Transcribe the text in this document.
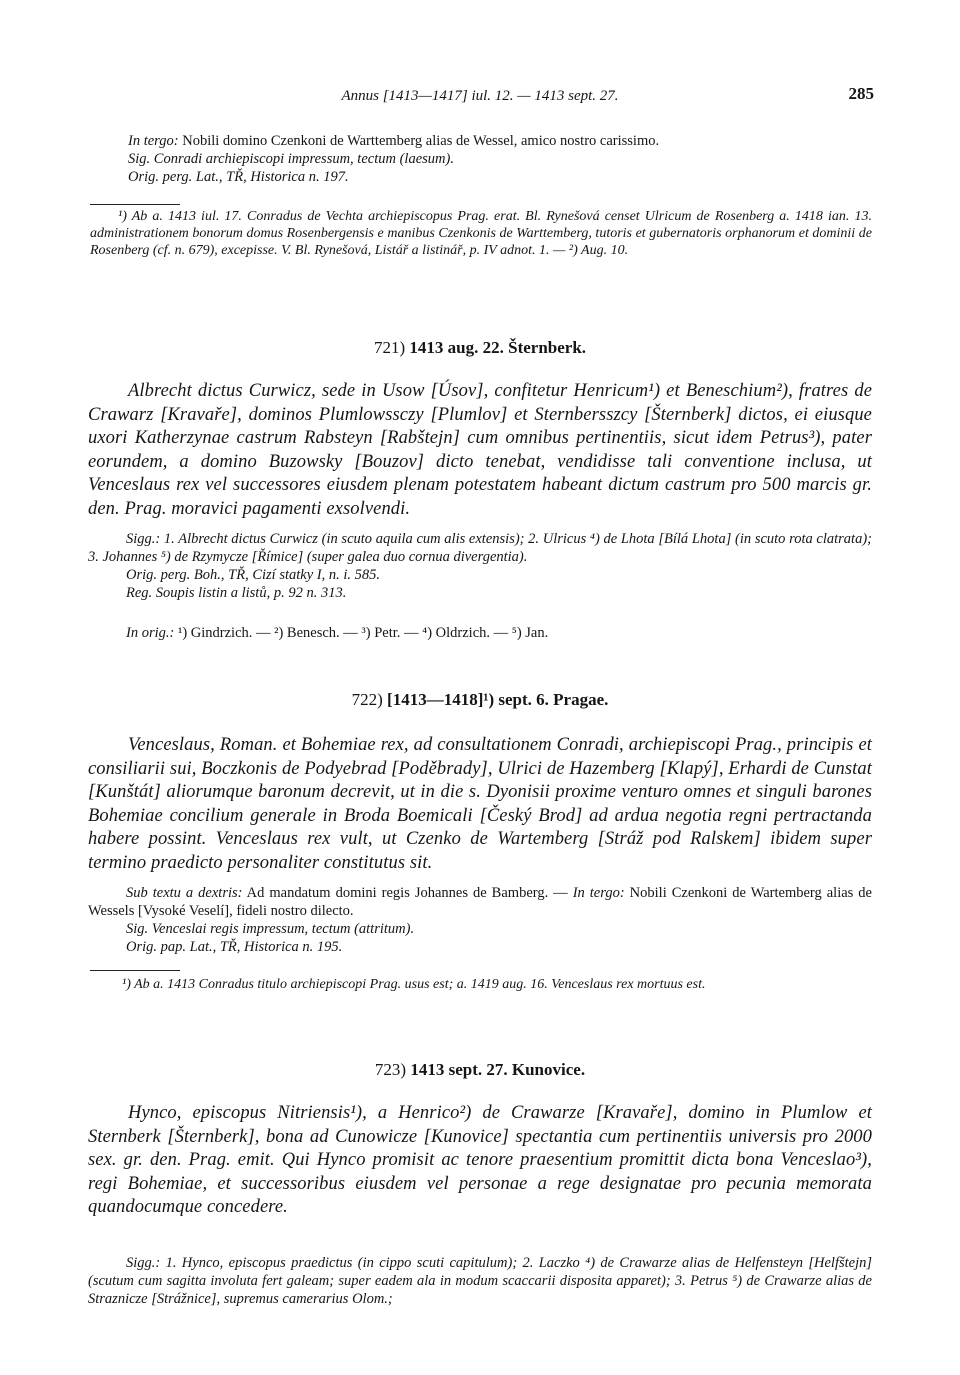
Annus [1413—1417] iul. 12. — 1413 sept. 27.	285

In tergo: Nobili domino Czenkoni de Warttemberg alias de Wessel, amico nostro carissimo.

Sig. Conradi archiepiscopi impressum, tectum (laesum).

Orig. perg. Lat., TŘ, Historica n. 197.

¹) Ab a. 1413 iul. 17. Conradus de Vechta archiepiscopus Prag. erat. Bl. Rynešová censet Ulricum de Rosenberg a. 1418 ian. 13. administrationem bonorum domus Rosenbergensis e manibus Czenkonis de Warttemberg, tutoris et gubernatoris orphanorum et dominii de Rosenberg (cf. n. 679), excepisse. V. Bl. Rynešová, Listář a listinář, p. IV adnot. 1. — ²) Aug. 10.
721) 1413 aug. 22. Šternberk.
Albrecht dictus Curwicz, sede in Usow [Úsov], confitetur Henricum¹) et Beneschium²), fratres de Crawarz [Kravaře], dominos Plumlowssczy [Plumlov] et Sternbersszcy [Šternberk] dictos, ei eiusque uxori Katherzynae castrum Rabsteyn [Rabštejn] cum omnibus pertinentiis, sicut idem Petrus³), pater eorundem, a domino Buzowsky [Bouzov] dicto tenebat, vendidisse tali conventione inclusa, ut Venceslaus rex vel successores eiusdem plenam potestatem habeant dictum castrum pro 500 marcis gr. den. Prag. moravici pagamenti exsolvendi.

Sigg.: 1. Albrecht dictus Curwicz (in scuto aquila cum alis extensis); 2. Ulricus ⁴) de Lhota [Bílá Lhota] (in scuto rota clatrata); 3. Johannes ⁵) de Rzymycze [Římice] (super galea duo cornua divergentia).

Orig. perg. Boh., TŘ, Cizí statky I, n. i. 585.

Reg. Soupis listin a listů, p. 92 n. 313.

In orig.: ¹) Gindrzich. — ²) Benesch. — ³) Petr. — ⁴) Oldrzich. — ⁵) Jan.
722) [1413—1418]¹) sept. 6. Pragae.
Venceslaus, Roman. et Bohemiae rex, ad consultationem Conradi, archiepiscopi Prag., principis et consiliarii sui, Boczkonis de Podyebrad [Poděbrady], Ulrici de Hazemberg [Klapý], Erhardi de Cunstat [Kunštát] aliorumque baronum decrevit, ut in die s. Dyonisii proxime venturo omnes et singuli barones Bohemiae concilium generale in Broda Boemicali [Český Brod] ad ardua negotia regni pertractanda habere possint. Venceslaus rex vult, ut Czenko de Wartemberg [Stráž pod Ralskem] ibidem super termino praedicto personaliter constitutus sit.

Sub textu a dextris: Ad mandatum domini regis Johannes de Bamberg. — In tergo: Nobili Czenkoni de Wartemberg alias de Wessels [Vysoké Veselí], fideli nostro dilecto.

Sig. Venceslai regis impressum, tectum (attritum).

Orig. pap. Lat., TŘ, Historica n. 195.

¹) Ab a. 1413 Conradus titulo archiepiscopi Prag. usus est; a. 1419 aug. 16. Venceslaus rex mortuus est.
723) 1413 sept. 27. Kunovice.
Hynco, episcopus Nitriensis¹), a Henrico²) de Crawarze [Kravaře], domino in Plumlow et Sternberk [Šternberk], bona ad Cunowicze [Kunovice] spectantia cum pertinentiis universis pro 2000 sex. gr. den. Prag. emit. Qui Hynco promisit ac tenore praesentium promittit dicta bona Venceslao³), regi Bohemiae, et successoribus eiusdem vel personae a rege designatae pro pecunia memorata quandocumque concedere.

Sigg.: 1. Hynco, episcopus praedictus (in cippo scuti capitulum); 2. Laczko ⁴) de Crawarze alias de Helfensteyn [Helfštejn] (scutum cum sagitta involuta fert galeam; super eadem ala in modum scaccarii disposita apparet); 3. Petrus ⁵) de Crawarze alias de Straznicze [Strážnice], supremus camerarius Olom.;
